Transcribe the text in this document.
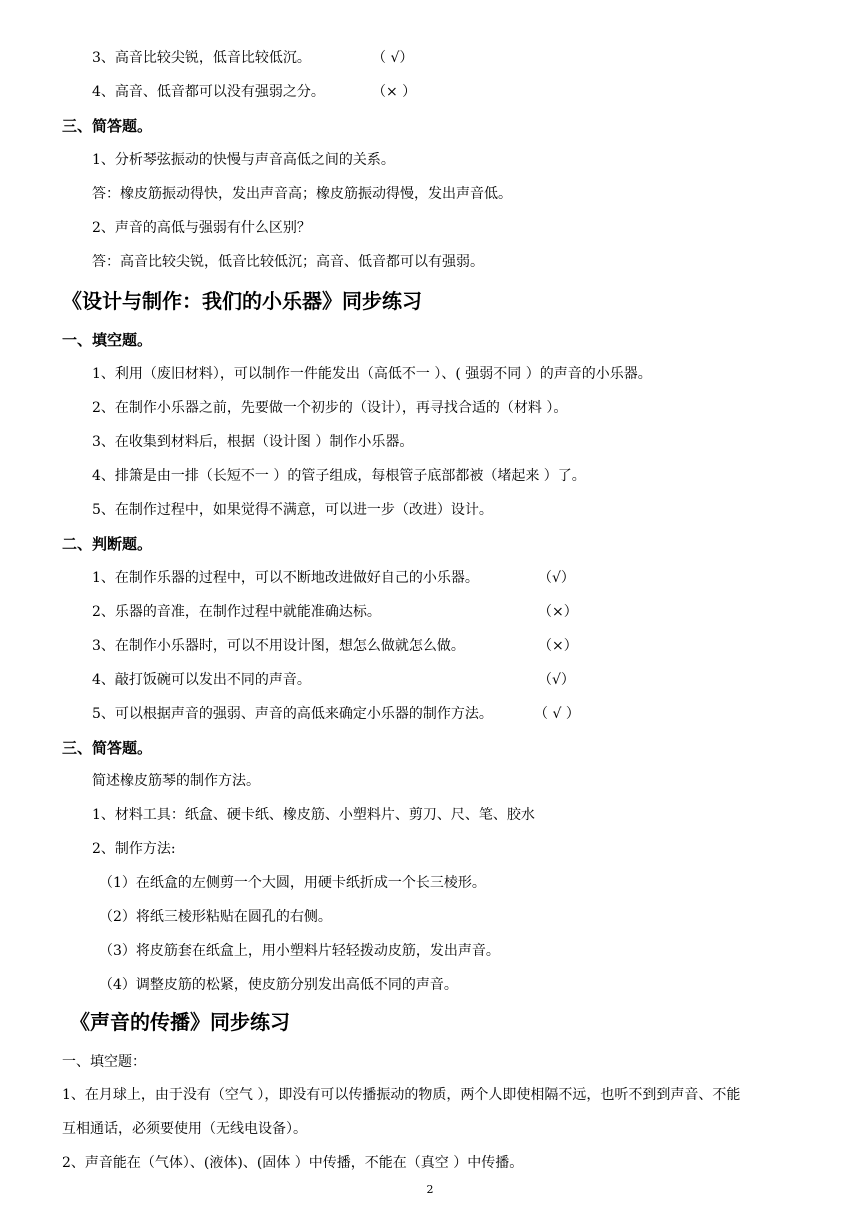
3、高音比较尖锐，低音比较低沉。	（ √）
4、高音、低音都可以没有强弱之分。	（× ）
三、简答题。
1、分析琴弦振动的快慢与声音高低之间的关系。
答：橡皮筋振动得快，发出声音高；橡皮筋振动得慢，发出声音低。
2、声音的高低与强弱有什么区别？
答：高音比较尖锐，低音比较低沉；高音、低音都可以有强弱。
《设计与制作：我们的小乐器》同步练习
一、填空题。
1、利用（废旧材料），可以制作一件能发出（高低不一 ）、( 强弱不同 ）的声音的小乐器。
2、在制作小乐器之前，先要做一个初步的（设计），再寻找合适的（材料 ）。
3、在收集到材料后，根据（设计图 ）制作小乐器。
4、排箫是由一排（长短不一 ）的管子组成，每根管子底部都被（堵起来 ）了。
5、在制作过程中，如果觉得不满意，可以进一步（改进）设计。
二、判断题。
1、在制作乐器的过程中，可以不断地改进做好自己的小乐器。	（√）
2、乐器的音准，在制作过程中就能准确达标。	（×）
3、在制作小乐器时，可以不用设计图，想怎么做就怎么做。	（×）
4、敲打饭碗可以发出不同的声音。	（√）
5、可以根据声音的强弱、声音的高低来确定小乐器的制作方法。	（ √ ）
三、简答题。
简述橡皮筋琴的制作方法。
1、材料工具：纸盒、硬卡纸、橡皮筋、小塑料片、剪刀、尺、笔、胶水
2、制作方法:
（1）在纸盒的左侧剪一个大圆，用硬卡纸折成一个长三棱形。
（2）将纸三棱形粘贴在圆孔的右侧。
（3）将皮筋套在纸盒上，用小塑料片轻轻拨动皮筋，发出声音。
（4）调整皮筋的松紧，使皮筋分别发出高低不同的声音。
《声音的传播》同步练习
一、填空题：
1、在月球上，由于没有（空气 ），即没有可以传播振动的物质，两个人即使相隔不远，也听不到到声音、不能
互相通话，必须要使用（无线电设备）。
2、声音能在（气体）、(液体)、(固体 ）中传播，不能在（真空 ）中传播。
2
